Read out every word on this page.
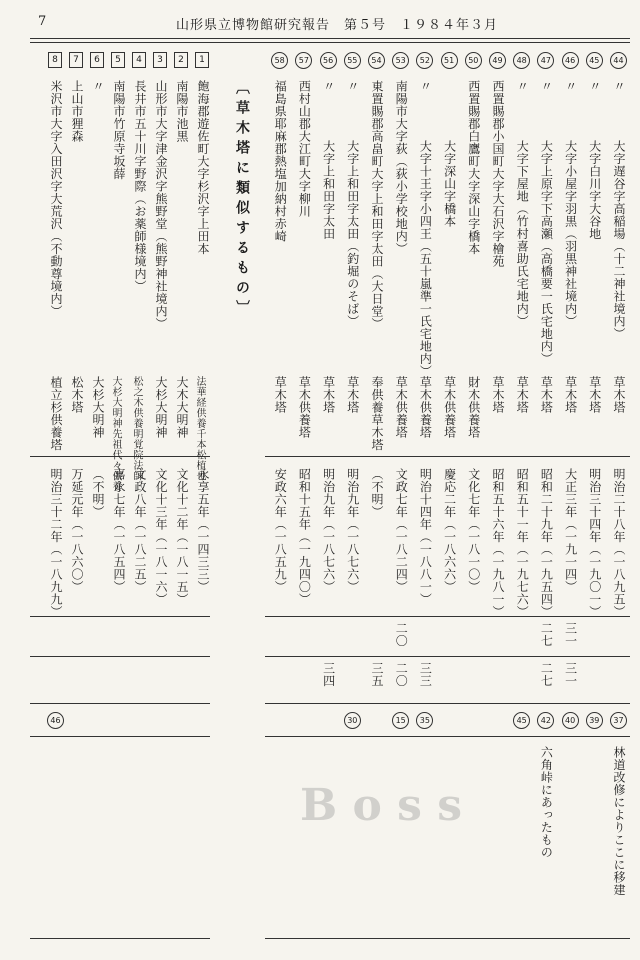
7	山形県立博物館研究報告　第５号　１９８４年３月
〔草木塔に類似するもの〕
B o s s
44
〃
大字遅谷字高稲場（十二神社境内）
草木塔
明治二十八年（一八九五）
37
林道改修によりここに移建
45
〃
大字白川字大谷地
草木塔
明治三十四年（一九〇一）
39
46
〃
大字小屋字羽黒（羽黒神社境内）
草木塔
大正三年（一九一四）
三一
三一
40
47
〃
大字上原字下高瀬（高橋要一氏宅地内）
草木塔
昭和二十九年（一九五四）
二七
二七
42
六角峠にあったもの
48
〃
大字下屋地（竹村喜助氏宅地内）
草木塔
昭和五十一年（一九七六）
45
49
西置賜郡小国町大字大石沢字檜苑
草木塔
昭和五十六年（一九八一）
50
西置賜郡白鷹町大字深山字橋本
財木供養塔
文化七年（一八一〇）
51
大字深山字橋本
草木供養塔
慶応二年（一八六六）
52
〃
大字十王字小四王（五十嵐準一氏宅地内）
草木供養塔
明治十四年（一八八一）
三三
35
53
南陽市大字荻（荻小学校地内）
草木供養塔
文政七年（一八二四）
二〇
二〇
15
54
東置賜郡高畠町大字上和田字太田（大日堂）
奉供養草木塔
（不明）
三五
55
〃
大字上和田字太田（釣堀のそば）
草木塔
明治九年（一八七六）
30
56
〃
大字上和田字太田
草木塔
明治九年（一八七六）
三四
57
西村山郡大江町大字柳川
草木供養塔
昭和十五年（一九四〇）
58
福島県耶麻郡熱塩加納村赤崎
草木塔
安政六年（一八五九）
1
飽海郡遊佐町大字杉沢字上田本
法華経供養千本松植也
永享五年（一四三三）
2
南陽市池黒
大木大明神
文化十二年（一八一五）
3
山形市大字津金沢字熊野堂（熊野神社境内）
大杉大明神
文化十三年（一八一六）
4
長井市五十川字野際（お薬師様境内）
松之木供養明覚院法師
文政八年（一八二五）
5
南陽市竹原寺坂薛
大杉大明神先祖代々供養
嘉永七年（一八五四）
6
〃
大杉大明神
（不明）
7
上山市狸森
松木塔
万延元年（一八六〇）
8
米沢市大字入田沢字大荒沢（不動尊境内）
植立杉供養塔
明治三十二年（一八九九）
46
